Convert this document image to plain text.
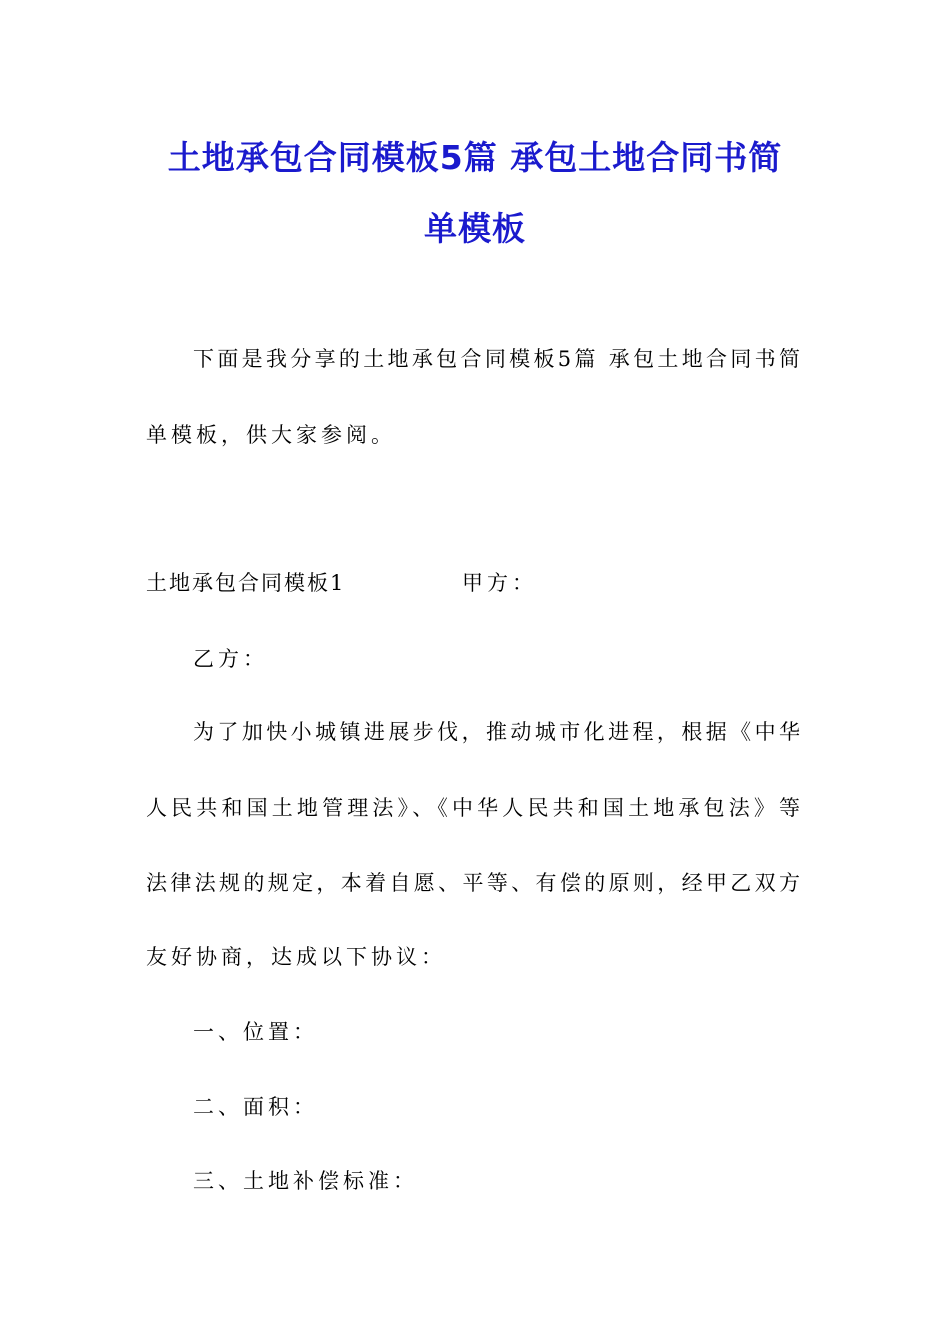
土地承包合同模板5篇 承包土地合同书简
单模板

下面是我分享的土地承包合同模板5篇 承包土地合同书简

单模板，供大家参阅。

土地承包合同模板1	甲方：

乙方：

为了加快小城镇进展步伐，推动城市化进程，根据《中华

人民共和国土地管理法》、《中华人民共和国土地承包法》等

法律法规的规定，本着自愿、平等、有偿的原则，经甲乙双方

友好协商，达成以下协议：

一、位置：

二、面积：

三、土地补偿标准：
